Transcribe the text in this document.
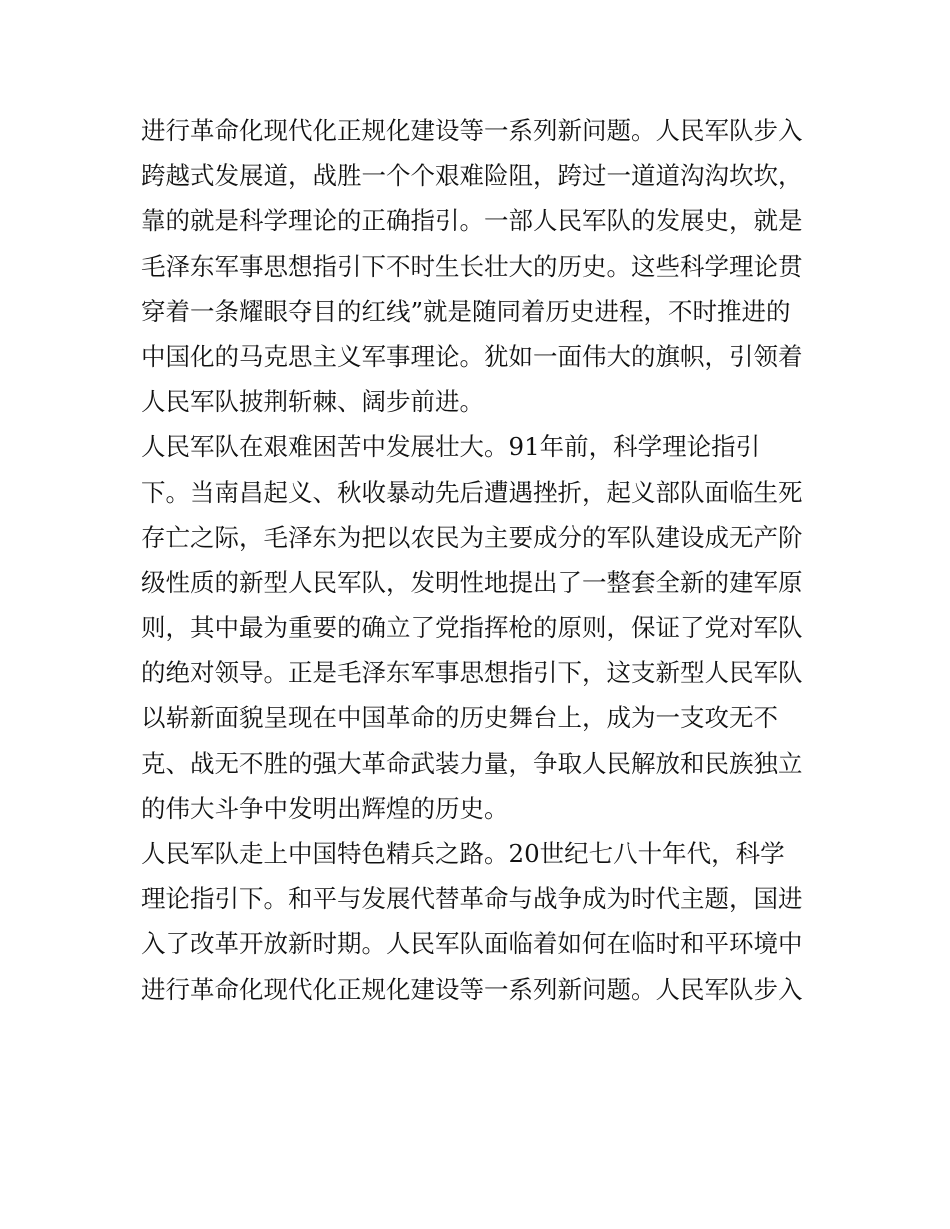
进行革命化现代化正规化建设等一系列新问题。人民军队步入
跨越式发展道，战胜一个个艰难险阻，跨过一道道沟沟坎坎，
靠的就是科学理论的正确指引。一部人民军队的发展史，就是
毛泽东军事思想指引下不时生长壮大的历史。这些科学理论贯
穿着一条耀眼夺目的红线”就是随同着历史进程，不时推进的
中国化的马克思主义军事理论。犹如一面伟大的旗帜，引领着
人民军队披荆斩棘、阔步前进。
人民军队在艰难困苦中发展壮大。91年前，科学理论指引
下。当南昌起义、秋收暴动先后遭遇挫折，起义部队面临生死
存亡之际，毛泽东为把以农民为主要成分的军队建设成无产阶
级性质的新型人民军队，发明性地提出了一整套全新的建军原
则，其中最为重要的确立了党指挥枪的原则，保证了党对军队
的绝对领导。正是毛泽东军事思想指引下，这支新型人民军队
以崭新面貌呈现在中国革命的历史舞台上，成为一支攻无不
克、战无不胜的强大革命武装力量，争取人民解放和民族独立
的伟大斗争中发明出辉煌的历史。
人民军队走上中国特色精兵之路。20世纪七八十年代，科学
理论指引下。和平与发展代替革命与战争成为时代主题，国进
入了改革开放新时期。人民军队面临着如何在临时和平环境中
进行革命化现代化正规化建设等一系列新问题。人民军队步入
